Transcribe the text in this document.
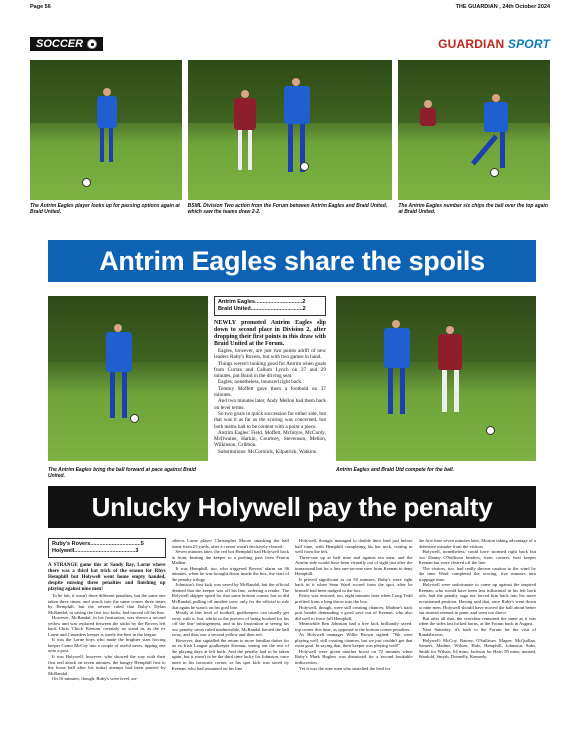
Page 56	THE GUARDIAN , 24th October 2024
SOCCER	GUARDIAN SPORT
The Antrim Eagles player looks up for passing options again at Braid United.
BSML Division Two action from the Forum between Antrim Eagles and Braid United, which saw the teams draw 2-2.
The Antrim Eagles number six chips the ball over the top again at Braid United.
Antrim Eagles share the spoils
The Antrim Eagles bring the ball forward at pace against Braid United.
Antrim Eagles...............................2
Braid United..................................2
NEWLY promoted Antrim Eagles slip down to second place in Division 2, after dropping their first points in this draw with Braid United at the Forum.

Eagles, however, are just two points adrift of new leaders Ruby's Rovers, but with two games in hand.

Things weren't looking good for Antrim when goals from Curran and Callum Lynch on 27 and 29 minutes, put Braid in the driving seat.

Eagles, nonetheless, bounced right back.

Tommy Moffett gave them a foothold on 37 minutes.

And two minutes later, Andy Mellon had them back on level terms.

So two goals in quick succession for either side, but that was it as far as the scoring was concerned, but both teams had to be content with a point a piece.

Antrim Eagles: Field, Moffett, McIntyre, McCurdy, McIlwaine, Harkin, Courtney, Stevenson, Mellon, Wilkinson, Gribbon.

Substitutions: McCormick, Kilpatrick, Watkins.

Antrim Eagles and Braid Utd compete for the ball.
Unlucky Holywell pay the penalty
Ruby's Rovers.................................5
Holywell........................................3

A STRANGE game this at Sandy Bay, Larne where there was a third bat trick of the season for Rhys Hemphill but Holywell went home empty handed, despite missing three penalties and finishing up playing against nine men!

To be fair, it wasn't three different penalties, but the same one taken three times, and struck into the same corner three times by Hemphill, but the referee ruled that Ruby's Dylan McRandal, in saving the first two kicks, had moved off his line.

However, McRandal, in his frustration, was shown a second yellow and was replaced between the sticks by the Rovers left back Chris 'Chick' Keenan, certainly no stand in, as the ex Larne and Crusaders keeper is surely the best in the league.

It was the Larne boys who made the brighter start forcing keeper Conor McCoy into a couple of useful saves, tipping one onto a post.

It was Holywell, however, who showed the way with their first real attack on seven minutes, the hungry Hemphill first to the loose ball after his initial attempt had been parried by McRandal.

On 16 minutes, though, Ruby's were level, an-

otherss Larne player Christopher Moore smashing the ball home from 25 yards, after a corner wasn't decisively cleared.

Seven minutes later, the red hot Hemphill had Holywell back in front, beating the keeper to a probing pass from Fearon Madine.

It was Hemphill, too, who triggered Rovers' alarm on 36 minutes, when he was brought down inside the box, the start of the penalty trilogy.

Johnston's first kick was saved by McRandal, but the official deemed that the keeper was off his line, ordering a retake. The Holywell skipper opted for that same bottom corner, but so did McRandal, pulling off another save; only for the official to rule that again he wasn't on his goal line.

Mostly at this level of football, goalkeepers can usually get away with it, but, whilst in the process of being booked for his 'off the line' infringement, and in his frustration at seeing his two penalty saves ruled inadmissible, McRandal booted the ball away, and thus saw a second yellow and then red.

However, that signalled the return to more familiar duties for an ex Irish League goalkeeper Keenan, seeing out the rest of the playing days at left back. And the penalty had to be taken again, but it wasn't to be the third time lucky for Johnston, once more in his favourite corner, as his spot kick was saved by Keenan, who had remained on his line.

Holywell, though, managed to double their lead just before half time, with Hemphill completing his hat trick, cutting in well from the left.

Three-one up at half time and against ten men, and the Antrim side would have been virtually out of sight just after the turnaround but for a fine one-on-one save from Keenan to deny Hemphill.

It proved significant as on 50 minutes, Ruby's were right back in it when Sean Ward scored from the spot, after he himself had been nudged in the box.

Parity was restored, too, eight minutes later when Craig Todd profited from a long throw into the box.

Holywell, though, were still creating chances; Madine's back post header demanding a good save out of Keenan, who also did well to force full Hemphill.

Meanwhile Ben Johnston had a free kick brilliantly saved: top corner this time, as opposed to the bottom corner penalties.

As Holywell manager Willie Brown sighed: "We were playing well, still creating chances, but we just couldn't get that extra goal. In saying that, their keeper was playing well!"

Holywell were given another boost on 72 minutes when Ruby's Mark Hughes was dismissed for a second bookable indiscretion.

Yet it was the nine men who snatched the lead for

the first time seven minutes later, Morton taking advantage of a defensive mistake from the visitors.

Holywell, nonetheless, could have stormed right back but two Danny O'Sullivan headers, from corners, beat keeper Keenan but were cleared off the line.

The visitors, too, had really thrown caution to the wind by the time Ward completed the scoring, five minutes into stoppage time.

Holywell were unfortunate to come up against the inspired Keenan, who would have been less influential in his left back role, had the penalty saga not forced him back into his more accustomed position. Having said that, once Ruby's went down to nine men, Holywell should have moved the ball about better but instead seemed to panic and went too direct.

But after all that, the scoreline remained the same as it was when the sides last locked horns, at the Forum back in August.

Next Saturday, it's back to the Forum for the visit of Randalstown.

Holywell: McCoy, Rainey, O'Sullivan, Magee, McQuillan, Somers, Madine, Wilson, Hale, Hemphill, Johnston. Subs, Smith for Wilson, 64 mins; Jackson for Hale, 85 mins; unused, Wardold, Smyth, Donnelly, Kennedy.
